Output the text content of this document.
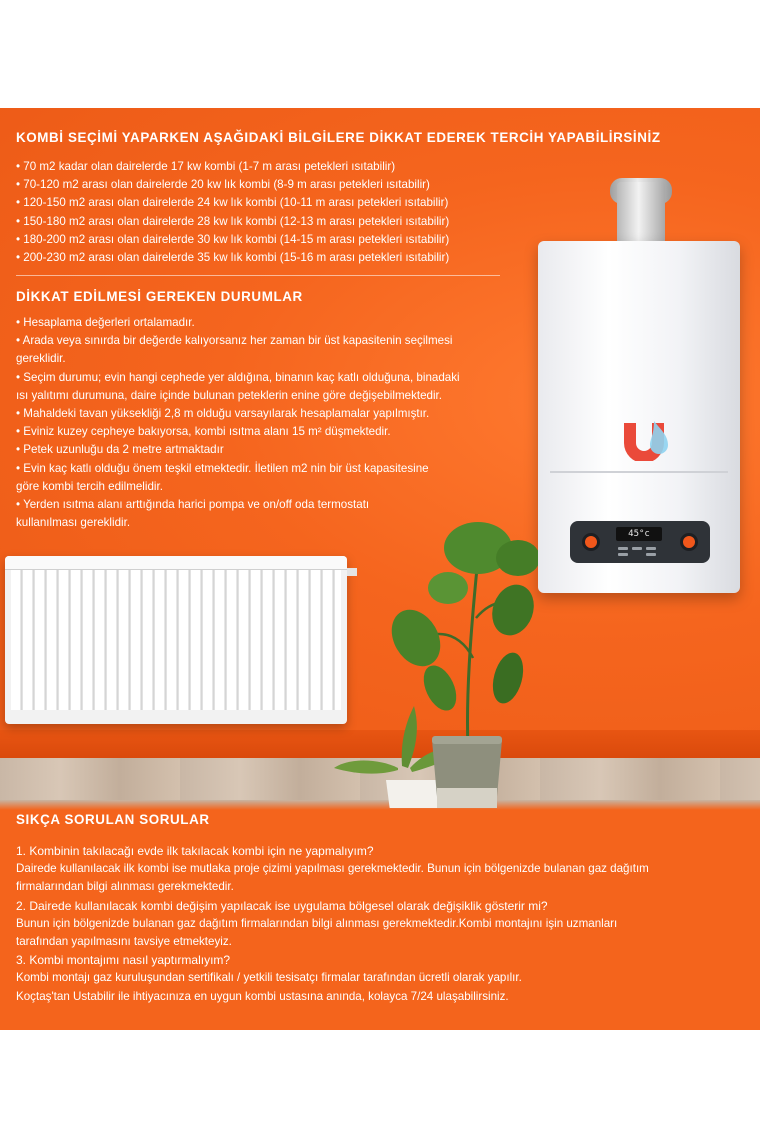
45°c
KOMBİ SEÇİMİ YAPARKEN AŞAĞIDAKİ BİLGİLERE DİKKAT EDEREK TERCİH YAPABİLİRSİNİZ
• 70 m2 kadar olan dairelerde 17 kw kombi (1-7 m arası petekleri ısıtabilir)
• 70-120 m2 arası olan dairelerde 20 kw lık kombi (8-9 m arası petekleri ısıtabilir)
• 120-150 m2 arası olan dairelerde 24 kw lık kombi (10-11 m arası petekleri ısıtabilir)
• 150-180 m2 arası olan dairelerde 28 kw lık kombi (12-13 m arası petekleri ısıtabilir)
• 180-200 m2 arası olan dairelerde 30 kw lık kombi (14-15 m arası petekleri ısıtabilir)
• 200-230 m2 arası olan dairelerde 35 kw lık kombi (15-16 m arası petekleri ısıtabilir)
DİKKAT EDİLMESİ GEREKEN DURUMLAR
• Hesaplama değerleri ortalamadır.
• Arada veya sınırda bir değerde kalıyorsanız her zaman bir üst kapasitenin seçilmesi
gereklidir.
• Seçim durumu; evin hangi cephede yer aldığına, binanın kaç katlı olduğuna, binadaki
ısı yalıtımı durumuna, daire içinde bulunan peteklerin enine göre değişebilmektedir.
• Mahaldeki tavan yüksekliği 2,8 m olduğu varsayılarak hesaplamalar yapılmıştır.
• Eviniz kuzey cepheye bakıyorsa, kombi ısıtma alanı 15 m² düşmektedir.
• Petek uzunluğu da 2 metre artmaktadır
• Evin kaç katlı olduğu önem teşkil etmektedir. İletilen m2 nin bir üst kapasitesine
göre kombi tercih edilmelidir.
• Yerden ısıtma alanı arttığında harici pompa ve on/off oda termostatı
kullanılması gereklidir.
SIKÇA SORULAN SORULAR

1. Kombinin takılacağı evde ilk takılacak kombi için ne yapmalıyım?

Dairede kullanılacak ilk kombi ise mutlaka proje çizimi yapılması gerekmektedir. Bunun için bölgenizde bulanan gaz dağıtım

firmalarından bilgi alınması gerekmektedir.

2. Dairede kullanılacak kombi değişim yapılacak ise uygulama bölgesel olarak değişiklik gösterir mi?

Bunun için bölgenizde bulanan gaz dağıtım firmalarından bilgi alınması gerekmektedir.Kombi montajını işin uzmanları

tarafından yapılmasını tavsiye etmekteyiz.

3. Kombi montajımı nasıl yaptırmalıyım?

Kombi montajı gaz kuruluşundan sertifikalı / yetkili tesisatçı firmalar tarafından ücretli olarak yapılır.

Koçtaş'tan Ustabilir ile ihtiyacınıza en uygun kombi ustasına anında, kolayca 7/24 ulaşabilirsiniz.
